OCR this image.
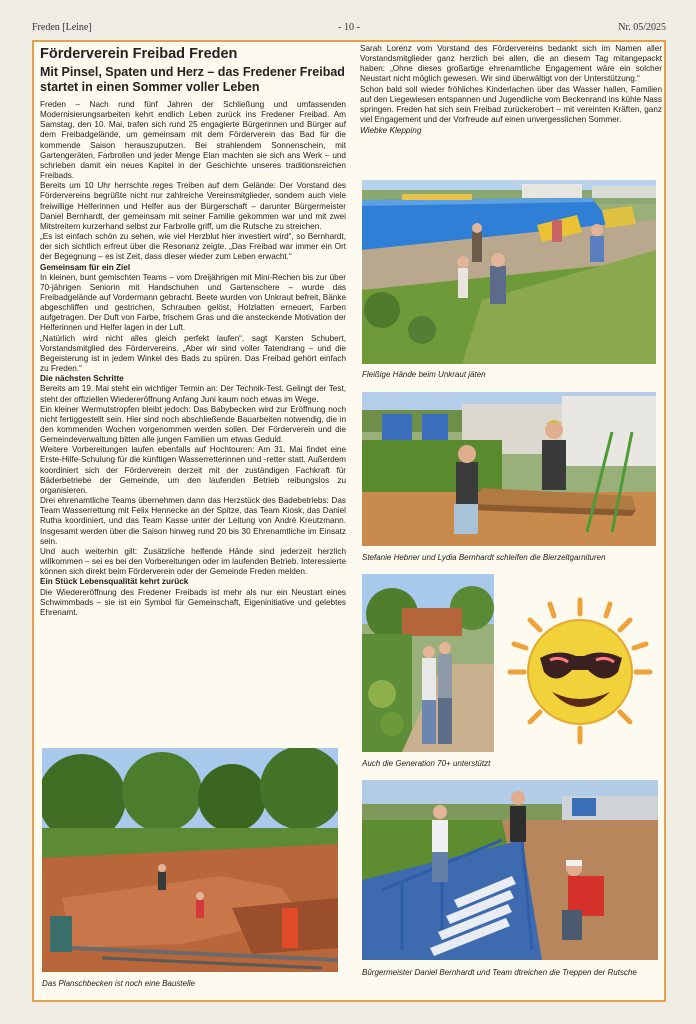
Freden [Leine]	- 10 -	Nr. 05/2025
Förderverein Freibad Freden
Mit Pinsel, Spaten und Herz – das Fredener Freibad startet in einen Sommer voller Leben

Freden – Nach rund fünf Jahren der Schließung und umfassenden Modernisierungsarbeiten kehrt endlich Leben zurück ins Fredener Freibad. Am Samstag, den 10. Mai, trafen sich rund 25 engagierte Bürgerinnen und Bürger auf dem Freibadgelände, um gemeinsam mit dem Förderverein das Bad für die kommende Saison herauszuputzen. Bei strahlendem Sonnenschein, mit Gartengeräten, Farbrollen und jeder Menge Elan machten sie sich ans Werk – und schrieben damit ein neues Kapitel in der Geschichte unseres traditionsreichen Freibads.

Bereits um 10 Uhr herrschte reges Treiben auf dem Gelände: Der Vorstand des Fördervereins begrüßte nicht nur zahlreiche Vereinsmitglieder, sondern auch viele freiwillige Helferinnen und Helfer aus der Bürgerschaft – darunter Bürgermeister Daniel Bernhardt, der gemeinsam mit seiner Familie gekommen war und mit zwei Mitstreitern kurzerhand selbst zur Farbrolle griff, um die Rutsche zu streichen.

„Es ist einfach schön zu sehen, wie viel Herzblut hier investiert wird“, so Bernhardt, der sich sichtlich erfreut über die Resonanz zeigte. „Das Freibad war immer ein Ort der Begegnung – es ist Zeit, dass dieser wieder zum Leben erwacht.“

Gemeinsam für ein Ziel

In kleinen, bunt gemischten Teams – vom Dreijährigen mit Mini-Rechen bis zur über 70-jährigen Seniorin mit Handschuhen und Gartenschere – wurde das Freibadgelände auf Vordermann gebracht. Beete wurden von Unkraut befreit, Bänke abgeschliffen und gestrichen, Schrauben gelöst, Holzlatten erneuert, Farben aufgetragen. Der Duft von Farbe, frischem Gras und die ansteckende Motivation der Helferinnen und Helfer lagen in der Luft.

„Natürlich wird nicht alles gleich perfekt laufen“, sagt Karsten Schubert, Vorstandsmitglied des Fördervereins. „Aber wir sind voller Tatendrang – und die Begeisterung ist in jedem Winkel des Bads zu spüren. Das Freibad gehört einfach zu Freden.“

Die nächsten Schritte

Bereits am 19. Mai steht ein wichtiger Termin an: Der Technik-Test. Gelingt der Test, steht der offiziellen Wiedereröffnung Anfang Juni kaum noch etwas im Wege.

Ein kleiner Wermutstropfen bleibt jedoch: Das Babybecken wird zur Eröffnung noch nicht fertiggestellt sein. Hier sind noch abschließende Bauarbeiten notwendig, die in den kommenden Wochen vorgenommen werden sollen. Der Förderverein und die Gemeindeverwaltung bitten alle jungen Familien um etwas Geduld.

Weitere Vorbereitungen laufen ebenfalls auf Hochtouren: Am 31. Mai findet eine Erste-Hilfe-Schulung für die künftigen Wasserretterinnen und -retter statt. Außerdem koordiniert sich der Förderverein derzeit mit der zuständigen Fachkraft für Bäderbetriebe der Gemeinde, um den laufenden Betrieb reibungslos zu organisieren.

Drei ehrenamtliche Teams übernehmen dann das Herzstück des Badebetriebs: Das Team Wasserrettung mit Felix Hennecke an der Spitze, das Team Kiosk, das Daniel Rutha koordiniert, und das Team Kasse unter der Leitung von André Kreutzmann. Insgesamt werden über die Saison hinweg rund 20 bis 30 Ehrenamtliche im Einsatz sein.

Und auch weiterhin gilt: Zusätzliche helfende Hände sind jederzeit herzlich willkommen – sei es bei den Vorbereitungen oder im laufenden Betrieb. Interessierte können sich direkt beim Förderverein oder der Gemeinde Freden melden.

Ein Stück Lebensqualität kehrt zurück

Die Wiedereröffnung des Fredener Freibads ist mehr als nur ein Neustart eines Schwimmbads – sie ist ein Symbol für Gemeinschaft, Eigeninitiative und gelebtes Ehrenamt.

Sarah Lorenz vom Vorstand des Fördervereins bedankt sich im Namen aller Vorstandsmitglieder ganz herzlich bei allen, die an diesem Tag mitangepackt haben: „Ohne dieses großartige ehrenamtliche Engagement wäre ein solcher Neustart nicht möglich gewesen. Wir sind überwältigt von der Unterstützung.“

Schon bald soll wieder fröhliches Kinderlachen über das Wasser hallen, Familien auf den Liegewiesen entspannen und Jugendliche vom Beckenrand ins kühle Nass springen. Freden hat sich sein Freibad zurückerobert – mit vereinten Kräften, ganz viel Engagement und der Vorfreude auf einen unvergesslichen Sommer.

Wiebke Klepping
Fleißige Hände beim Unkraut jäten
Stefanie Hebner und Lydia Bernhardt schleifen die Bierzeltgarnituren
Auch die Generation 70+ unterstützt
Bürgermeister Daniel Bernhardt und Team dtreichen die Treppen der Rutsche
Das Planschbecken ist noch eine Baustelle
